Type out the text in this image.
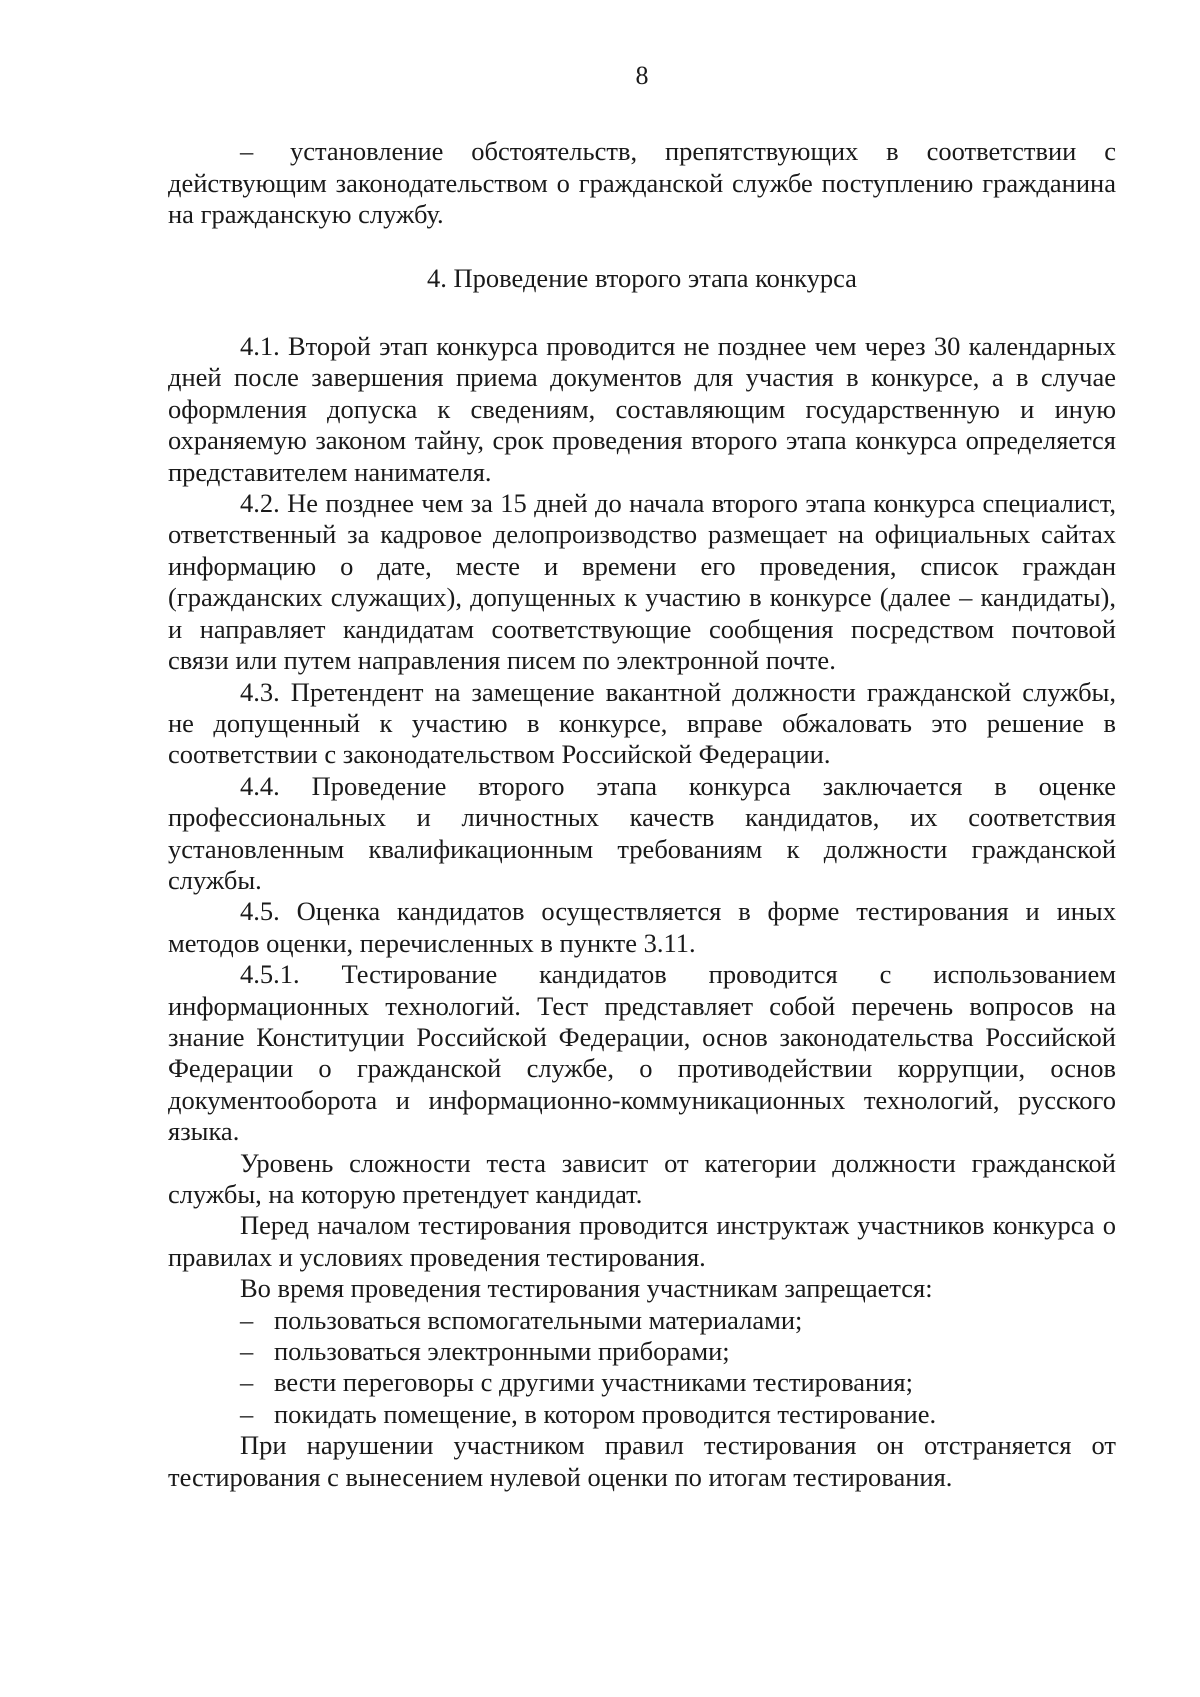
8

– установление обстоятельств, препятствующих в соответствии с действующим законодательством о гражданской службе поступлению гражданина на гражданскую службу.

4. Проведение второго этапа конкурса

4.1. Второй этап конкурса проводится не позднее чем через 30 календарных дней после завершения приема документов для участия в конкурсе, а в случае оформления допуска к сведениям, составляющим государственную и иную охраняемую законом тайну, срок проведения второго этапа конкурса определяется представителем нанимателя.

4.2. Не позднее чем за 15 дней до начала второго этапа конкурса специалист, ответственный за кадровое делопроизводство размещает на официальных сайтах информацию о дате, месте и времени его проведения, список граждан (гражданских служащих), допущенных к участию в конкурсе (далее – кандидаты), и направляет кандидатам соответствующие сообщения посредством почтовой связи или путем направления писем по электронной почте.

4.3. Претендент на замещение вакантной должности гражданской службы, не допущенный к участию в конкурсе, вправе обжаловать это решение в соответствии с законодательством Российской Федерации.

4.4. Проведение второго этапа конкурса заключается в оценке профессиональных и личностных качеств кандидатов, их соответствия установленным квалификационным требованиям к должности гражданской службы.

4.5. Оценка кандидатов осуществляется в форме тестирования и иных методов оценки, перечисленных в пункте 3.11.

4.5.1. Тестирование кандидатов проводится с использованием информационных технологий. Тест представляет собой перечень вопросов на знание Конституции Российской Федерации, основ законодательства Российской Федерации о гражданской службе, о противодействии коррупции, основ документооборота и информационно-коммуникационных технологий, русского языка.

Уровень сложности теста зависит от категории должности гражданской службы, на которую претендует кандидат.

Перед началом тестирования проводится инструктаж участников конкурса о правилах и условиях проведения тестирования.

Во время проведения тестирования участникам запрещается:

– пользоваться вспомогательными материалами;

– пользоваться электронными приборами;

– вести переговоры с другими участниками тестирования;

– покидать помещение, в котором проводится тестирование.

При нарушении участником правил тестирования он отстраняется от тестирования с вынесением нулевой оценки по итогам тестирования.
